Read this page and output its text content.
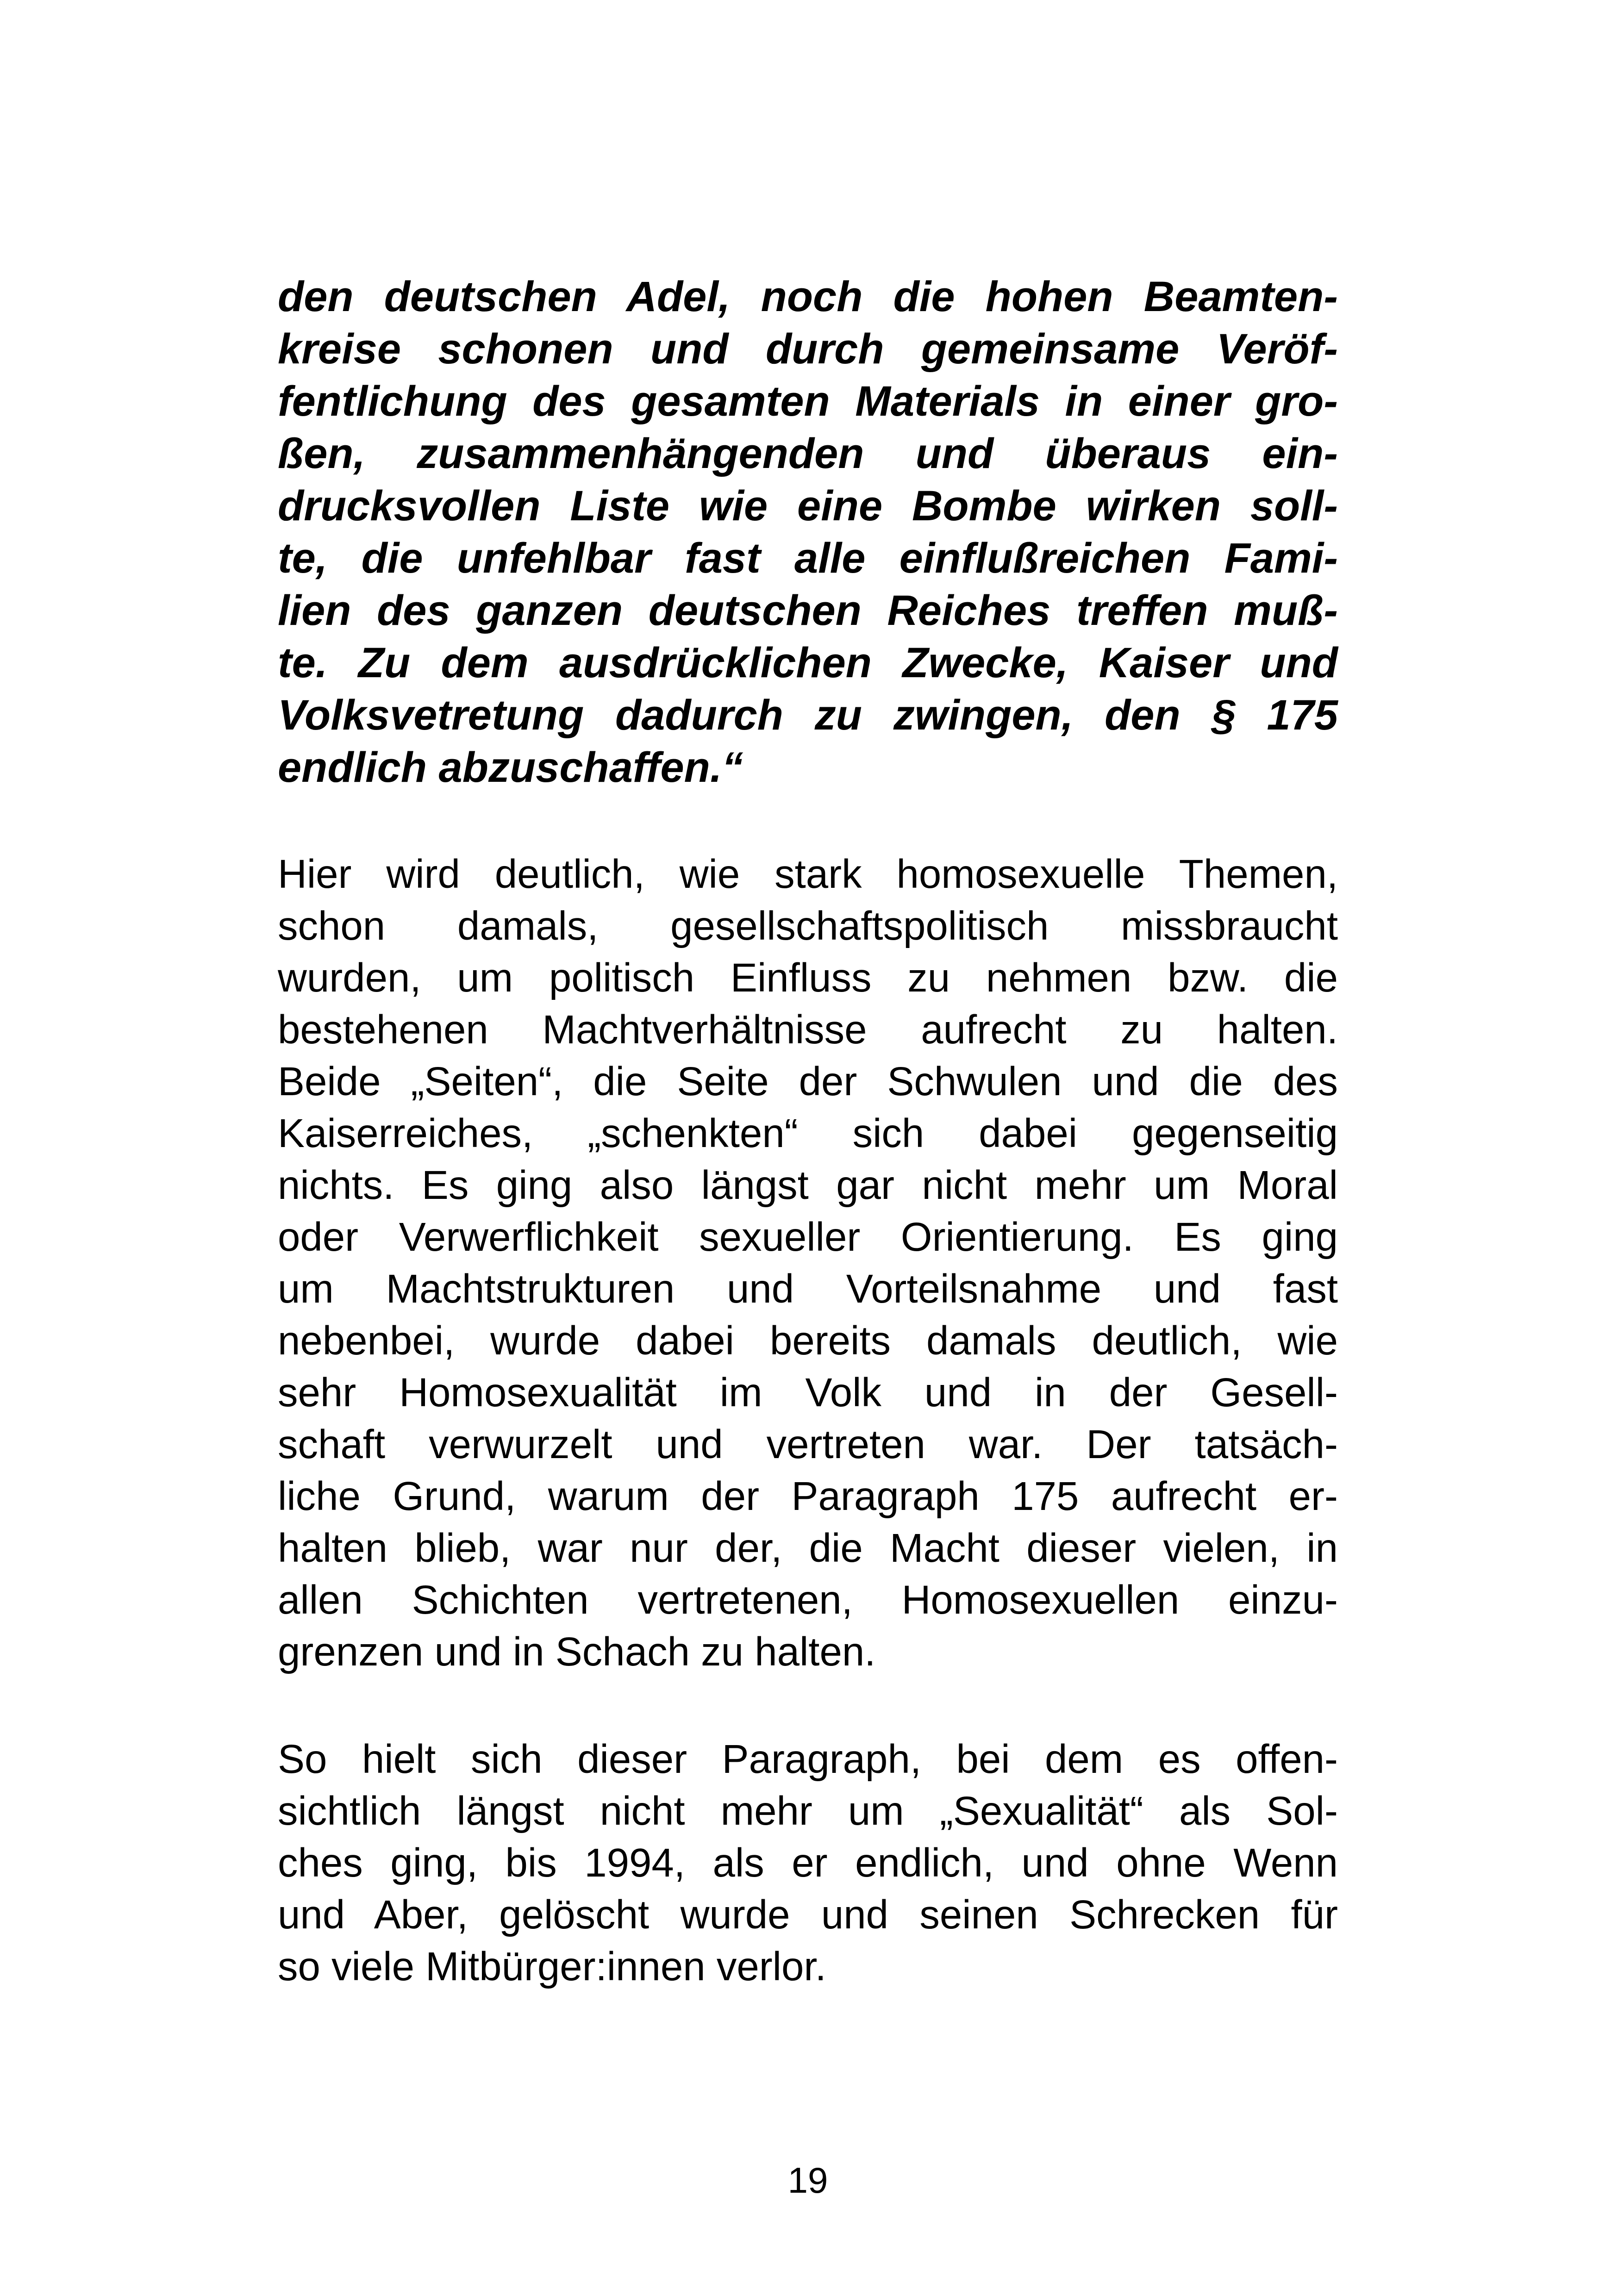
den deutschen Adel, noch die hohen Beamten-
kreise schonen und durch gemeinsame Veröf-
fentlichung des gesamten Materials in einer gro-
ßen, zusammenhängenden und überaus ein-
drucksvollen Liste wie eine Bombe wirken soll-
te, die unfehlbar fast alle einflußreichen Fami-
lien des ganzen deutschen Reiches treffen muß-
te. Zu dem ausdrücklichen Zwecke, Kaiser und
Volksvetretung dadurch zu zwingen, den § 175
endlich abzuschaffen.“
Hier wird deutlich, wie stark homosexuelle Themen,
schon damals, gesellschaftspolitisch missbraucht
wurden, um politisch Einfluss zu nehmen bzw. die
bestehenen Machtverhältnisse aufrecht zu halten.
Beide „Seiten“, die Seite der Schwulen und die des
Kaiserreiches, „schenkten“ sich dabei gegenseitig
nichts. Es ging also längst gar nicht mehr um Moral
oder Verwerflichkeit sexueller Orientierung. Es ging
um Machtstrukturen und Vorteilsnahme und fast
nebenbei, wurde dabei bereits damals deutlich, wie
sehr Homosexualität im Volk und in der Gesell-
schaft verwurzelt und vertreten war. Der tatsäch-
liche Grund, warum der Paragraph 175 aufrecht er-
halten blieb, war nur der, die Macht dieser vielen, in
allen Schichten vertretenen, Homosexuellen einzu-
grenzen und in Schach zu halten.
So hielt sich dieser Paragraph, bei dem es offen-
sichtlich längst nicht mehr um „Sexualität“ als Sol-
ches ging, bis 1994, als er endlich, und ohne Wenn
und Aber, gelöscht wurde und seinen Schrecken für
so viele Mitbürger:innen verlor.
19
